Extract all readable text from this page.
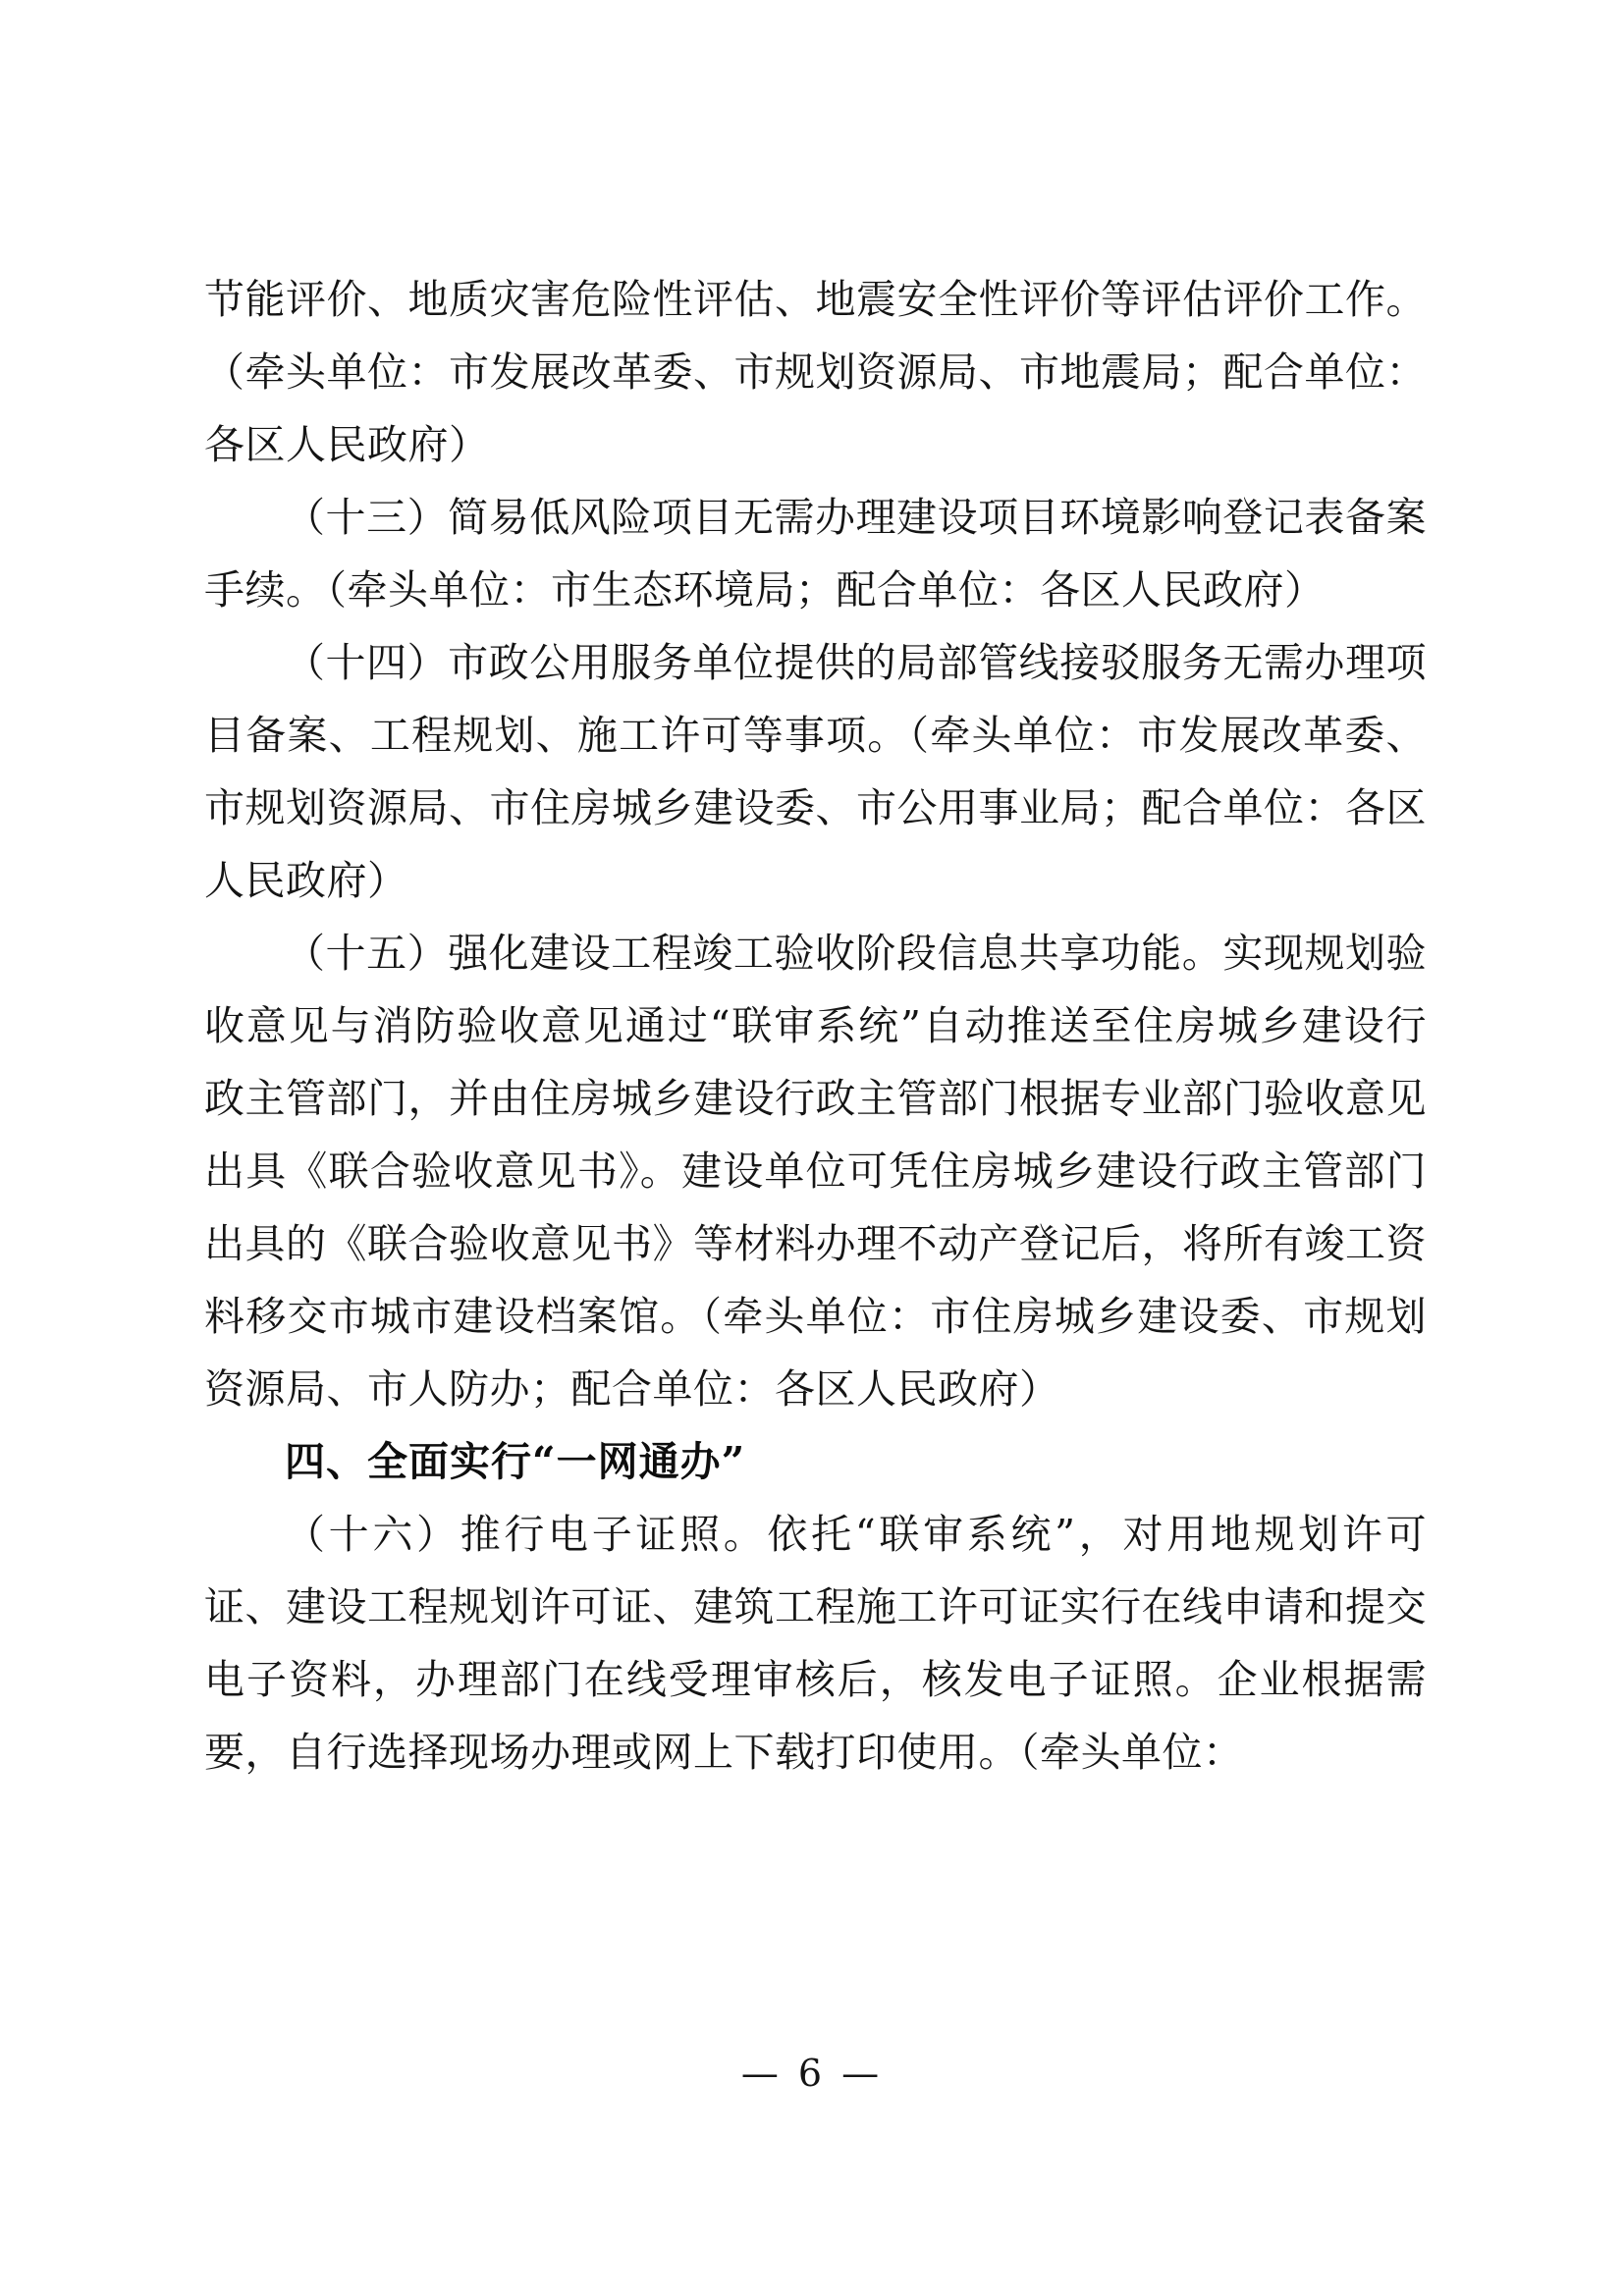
节能评价、地质灾害危险性评估、地震安全性评价等评估评价工作。（牵头单位：市发展改革委、市规划资源局、市地震局；配合单位：各区人民政府）

（十三）简易低风险项目无需办理建设项目环境影响登记表备案手续。（牵头单位：市生态环境局；配合单位：各区人民政府）

（十四）市政公用服务单位提供的局部管线接驳服务无需办理项目备案、工程规划、施工许可等事项。（牵头单位：市发展改革委、市规划资源局、市住房城乡建设委、市公用事业局；配合单位：各区人民政府）

（十五）强化建设工程竣工验收阶段信息共享功能。实现规划验收意见与消防验收意见通过“联审系统”自动推送至住房城乡建设行政主管部门，并由住房城乡建设行政主管部门根据专业部门验收意见出具《联合验收意见书》。建设单位可凭住房城乡建设行政主管部门出具的《联合验收意见书》等材料办理不动产登记后，将所有竣工资料移交市城市建设档案馆。（牵头单位：市住房城乡建设委、市规划资源局、市人防办；配合单位：各区人民政府）

四、全面实行“一网通办”

（十六）推行电子证照。依托“联审系统”，对用地规划许可证、建设工程规划许可证、建筑工程施工许可证实行在线申请和提交电子资料，办理部门在线受理审核后，核发电子证照。企业根据需要，自行选择现场办理或网上下载打印使用。（牵头单位：

— 6 —
